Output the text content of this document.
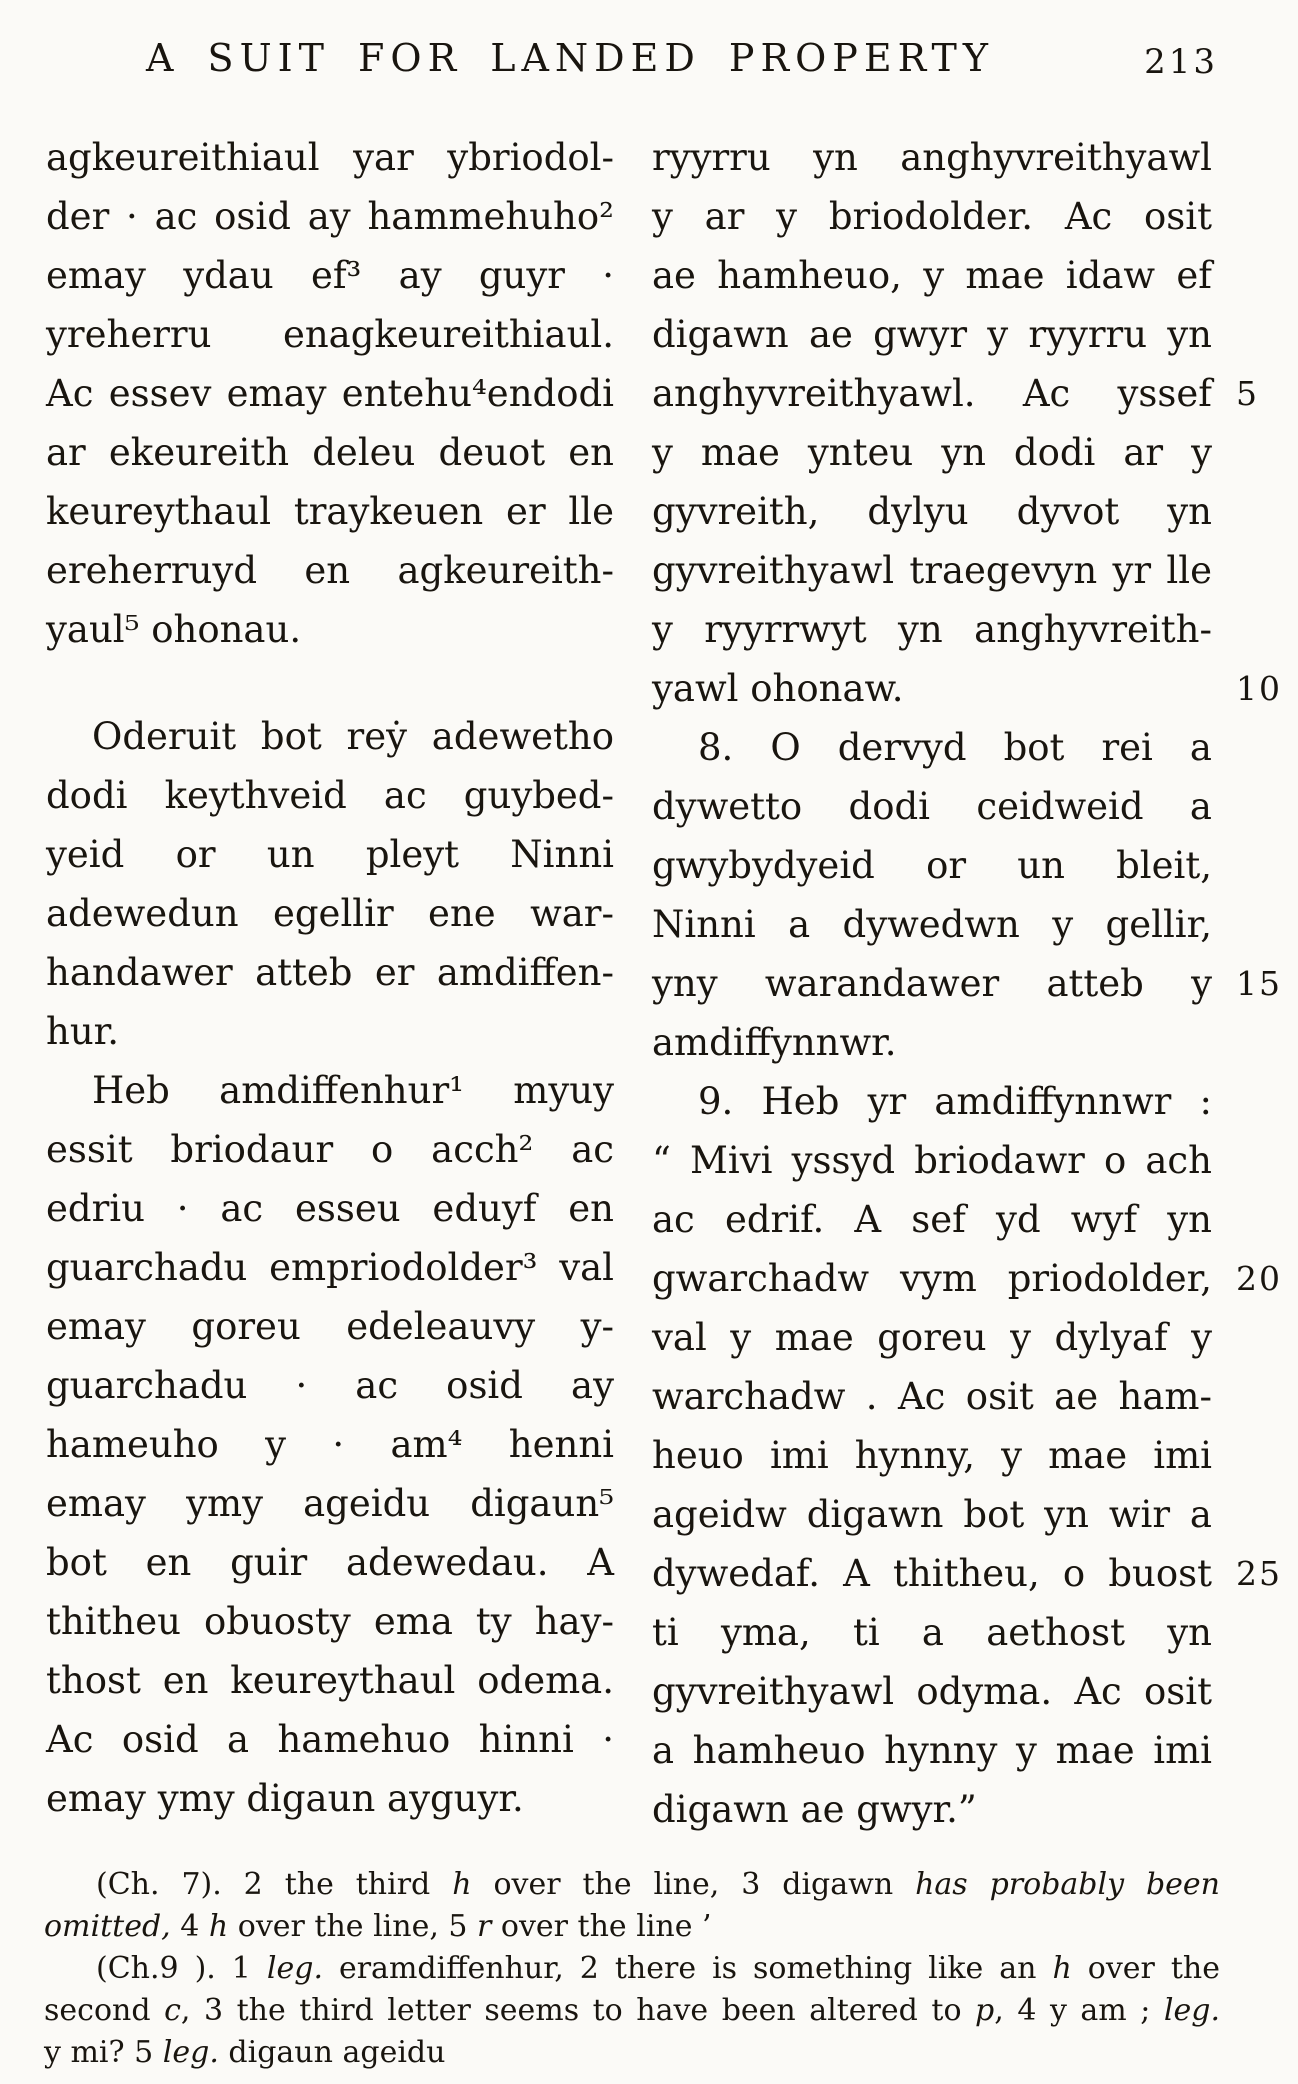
A SUIT FOR LANDED PROPERTY	213
agkeureithiaul yar ybriodol-
der · ac osid ay hammehuho²
emay ydau ef³ ay guyr ·
yreherru enagkeureithiaul.
Ac essev emay entehu⁴endodi
ar ekeureith deleu deuot en
keureythaul traykeuen er lle
ereherruyd en agkeureith-
yaul⁵ ohonau.
Oderuit bot reẏ adewetho
dodi keythveid ac guybed-
yeid or un pleyt Ninni
adewedun egellir ene war-
handawer atteb er amdiffen-
hur.
Heb amdiffenhur¹ myuy
essit briodaur o acch² ac
edriu · ac esseu eduyf en
guarchadu empriodolder³ val
emay goreu edeleauvy y-
guarchadu · ac osid ay
hameuho y · am⁴ henni
emay ymy ageidu digaun⁵
bot en guir adewedau. A
thitheu obuosty ema ty hay-
thost en keureythaul odema.
Ac osid a hamehuo hinni ·
emay ymy digaun ayguyr.
ryyrru yn anghyvreithyawl
y ar y briodolder. Ac osit
ae hamheuo, y mae idaw ef
digawn ae gwyr y ryyrru yn
anghyvreithyawl. Ac yssef 5
y mae ynteu yn dodi ar y
gyvreith, dylyu dyvot yn
gyvreithyawl traegevyn yr lle
y ryyrrwyt yn anghyvreith-
yawl ohonaw.	10
8. O dervyd bot rei a
dywetto dodi ceidweid a
gwybydyeid or un bleit,
Ninni a dywedwn y gellir,
yny warandawer atteb y 15
amdiffynnwr.
9. Heb yr amdiffynnwr :
“ Mivi yssyd briodawr o ach
ac edrif. A sef yd wyf yn
gwarchadw vym priodolder, 20
val y mae goreu y dylyaf y
warchadw . Ac osit ae ham-
heuo imi hynny, y mae imi
ageidw digawn bot yn wir a
dywedaf. A thitheu, o buost 25
ti yma, ti a aethost yn
gyvreithyawl odyma. Ac osit
a hamheuo hynny y mae imi
digawn ae gwyr.”
(Ch. 7). 2 the third h over the line, 3 digawn has probably been
omitted, 4 h over the line, 5 r over the line ’
(Ch.9 ). 1 leg. eramdiffenhur, 2 there is something like an h over the
second c, 3 the third letter seems to have been altered to p, 4 y am ; leg.
y mi? 5 leg. digaun ageidu
